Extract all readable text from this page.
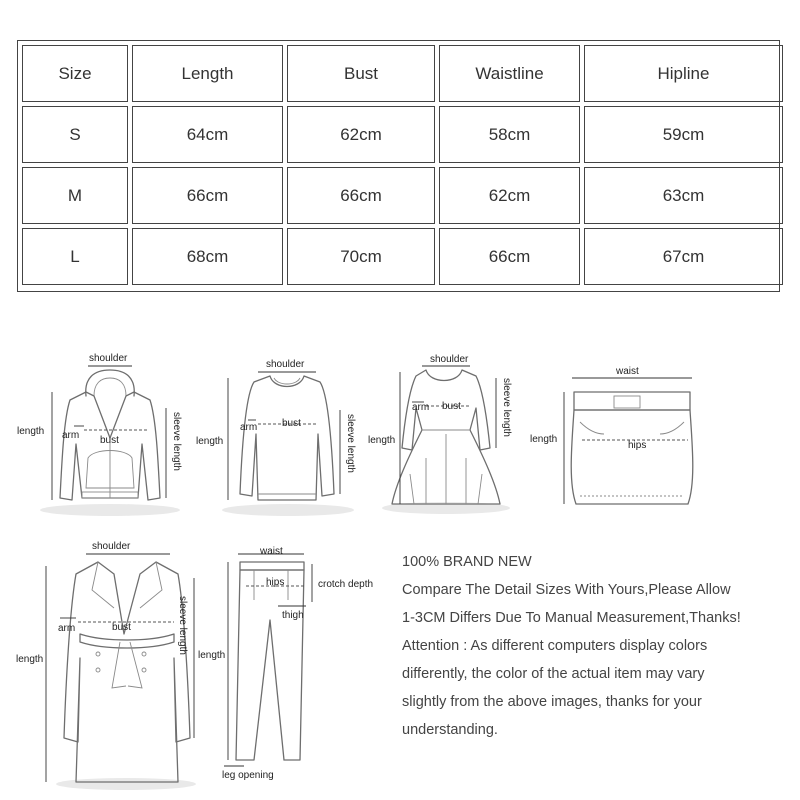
Size	Length	Bust	Waistline	Hipline
S	64cm	62cm	58cm	59cm
M	66cm	66cm	62cm	63cm
L	68cm	70cm	66cm	67cm
shoulder
length
bust
arm	sleeve length
shoulder
length
bust
arm	sleeve length
shoulder
length
bust
arm	sleeve length
waist
hips
length
shoulder
length
bust
arm	sleeve length
waist
hips	crotch depth
thigh
length
leg opening

100% BRAND NEW

Compare The Detail Sizes With Yours,Please Allow

1-3CM Differs Due To Manual Measurement,Thanks!

Attention : As different computers display colors

differently, the color of the actual item may vary

slightly from the above images, thanks for your

understanding.
